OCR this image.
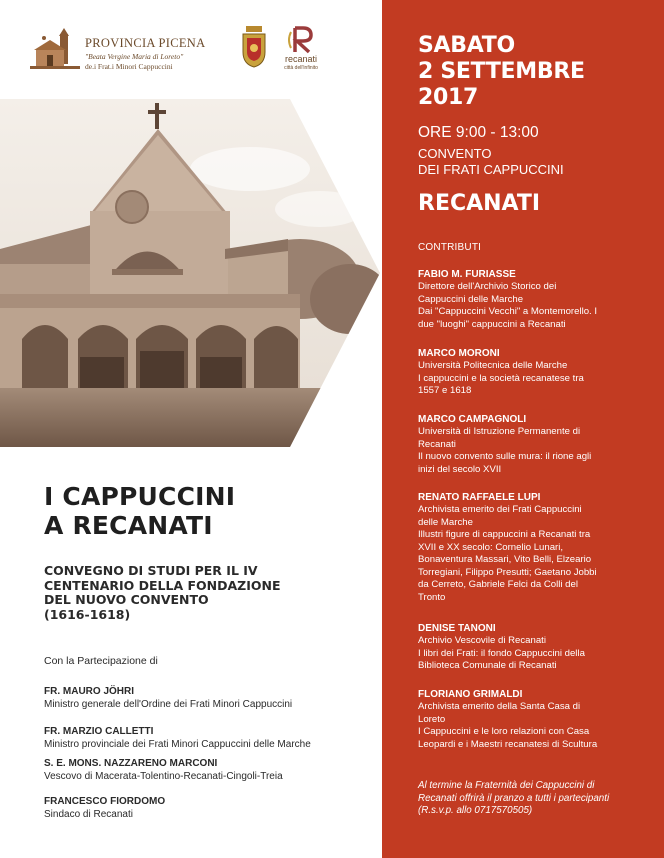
PROVINCIA PICENA
"Beata Vergine Maria di Loreto"
de.i Frat.i Minori Cappuccini
recanati
città dell'infinito
I CAPPUCCINI
A RECANATI
CONVEGNO DI STUDI PER IL IV
CENTENARIO DELLA FONDAZIONE
DEL NUOVO CONVENTO
(1616-1618)
Con la Partecipazione di
FR. MAURO JÖHRI
Ministro generale dell'Ordine dei Frati Minori Cappuccini
FR. MARZIO CALLETTI
Ministro provinciale dei Frati Minori Cappuccini delle Marche
S. E. MONS. NAZZARENO MARCONI
Vescovo di Macerata-Tolentino-Recanati-Cingoli-Treia
FRANCESCO FIORDOMO
Sindaco di Recanati
SABATO
2 SETTEMBRE
2017
ORE 9:00 - 13:00
CONVENTO
DEI FRATI CAPPUCCINI
RECANATI
CONTRIBUTI
FABIO M. FURIASSE
Direttore dell'Archivio Storico dei
Cappuccini delle Marche
Dai "Cappuccini Vecchi" a Montemorello. I
due "luoghi" cappuccini a Recanati
MARCO MORONI
Università Politecnica delle Marche
I cappuccini e la società recanatese tra
1557 e 1618
MARCO CAMPAGNOLI
Università di Istruzione Permanente di
Recanati
Il nuovo convento sulle mura: il rione agli
inizi del secolo XVII
RENATO RAFFAELE LUPI
Archivista emerito dei Frati Cappuccini
delle Marche
Illustri figure di cappuccini a Recanati tra
XVII e XX secolo: Cornelio Lunari,
Bonaventura Massari, Vito Belli, Elzeario
Torregiani, Filippo Presutti; Gaetano Jobbi
da Cerreto, Gabriele Felci da Colli del
Tronto
DENISE TANONI
Archivio Vescovile di Recanati
I libri dei Frati: il fondo Cappuccini della
Biblioteca Comunale di Recanati
FLORIANO GRIMALDI
Archivista emerito della Santa Casa di
Loreto
I Cappuccini e le loro relazioni con Casa
Leopardi e i Maestri recanatesi di Scultura
Al termine la Fraternità dei Cappuccini di
Recanati offrirà il pranzo a tutti i partecipanti
(R.s.v.p. allo 0717570505)
